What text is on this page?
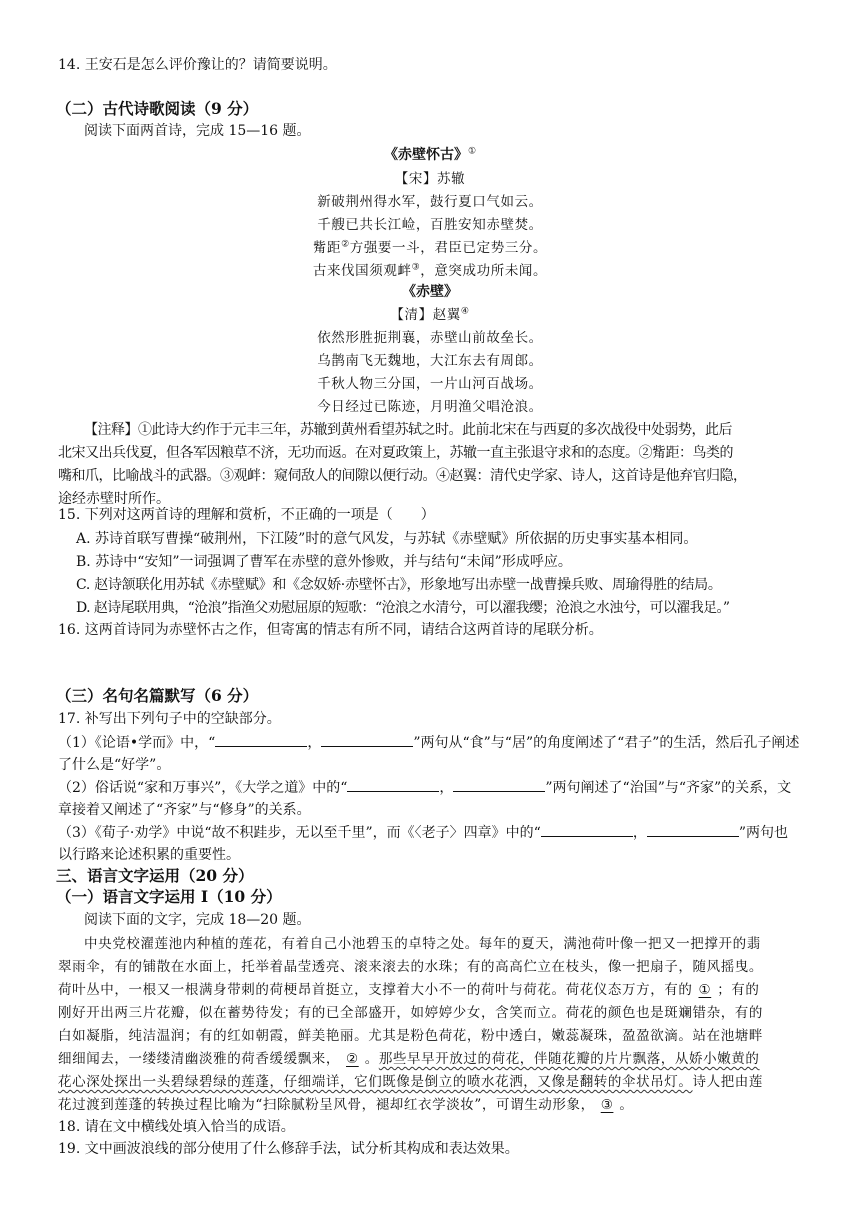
14. 王安石是怎么评价豫让的？请简要说明。
（二）古代诗歌阅读（9 分）
阅读下面两首诗，完成 15—16 题。
《赤壁怀古》①
【宋】苏辙
新破荆州得水军，鼓行夏口气如云。
千艘已共长江崄，百胜安知赤壁焚。
觜距②方强要一斗，君臣已定势三分。
古来伐国须观衅③，意突成功所未闻。
《赤壁》
【清】赵翼④
依然形胜扼荆襄，赤壁山前故垒长。
乌鹊南飞无魏地，大江东去有周郎。
千秋人物三分国，一片山河百战场。
今日经过已陈迹，月明渔父唱沧浪。
【注释】①此诗大约作于元丰三年，苏辙到黄州看望苏轼之时。此前北宋在与西夏的多次战役中处弱势，此后
北宋又出兵伐夏，但各军因粮草不济，无功而返。在对夏政策上，苏辙一直主张退守求和的态度。②觜距：鸟类的
嘴和爪，比喻战斗的武器。③观衅：窥伺敌人的间隙以便行动。④赵翼：清代史学家、诗人，这首诗是他弃官归隐，
途经赤壁时所作。
15. 下列对这两首诗的理解和赏析，不正确的一项是（　　）
A. 苏诗首联写曹操“破荆州，下江陵”时的意气风发，与苏轼《赤壁赋》所依据的历史事实基本相同。
B. 苏诗中“安知”一词强调了曹军在赤壁的意外惨败，并与结句“未闻”形成呼应。
C. 赵诗颔联化用苏轼《赤壁赋》和《念奴娇·赤壁怀古》，形象地写出赤壁一战曹操兵败、周瑜得胜的结局。
D. 赵诗尾联用典，“沧浪”指渔父劝慰屈原的短歌：“沧浪之水清兮，可以濯我缨；沧浪之水浊兮，可以濯我足。”
16. 这两首诗同为赤壁怀古之作，但寄寓的情志有所不同，请结合这两首诗的尾联分析。
（三）名句名篇默写（6 分）
17. 补写出下列句子中的空缺部分。
（1）《论语•学而》中，“	，	”两句从“食”与“居”的角度阐述了“君子”的生活，然后孔子阐述
了什么是“好学”。
（2）俗话说“家和万事兴”，《大学之道》中的“	，	”两句阐述了“治国”与“齐家”的关系，文
章接着又阐述了“齐家”与“修身”的关系。
（3）《荀子·劝学》中说“故不积跬步，无以至千里”，而《〈老子〉四章》中的“	，	”两句也
以行路来论述积累的重要性。
三、语言文字运用（20 分）
（一）语言文字运用 I（10 分）
阅读下面的文字，完成 18—20 题。
中央党校濯莲池内种植的莲花，有着自己小池碧玉的卓特之处。每年的夏天，满池荷叶像一把又一把撑开的翡
翠雨伞，有的铺散在水面上，托举着晶莹透亮、滚来滚去的水珠；有的高高伫立在枝头，像一把扇子，随风摇曳。
荷叶丛中，一根又一根满身带刺的荷梗昂首挺立，支撑着大小不一的荷叶与荷花。荷花仪态万方，有的 ① ；有的
刚好开出两三片花瓣，似在蓄势待发；有的已全部盛开，如婷婷少女，含笑而立。荷花的颜色也是斑斓错杂，有的
白如凝脂，纯洁温润；有的红如朝霞，鲜美艳丽。尤其是粉色荷花，粉中透白，嫩蕊凝珠，盈盈欲滴。站在池塘畔
细细闻去，一缕缕清幽淡雅的荷香缓缓飘来， ② 。那些早早开放过的荷花，伴随花瓣的片片飘落，从娇小嫩黄的
花心深处探出一头碧绿碧绿的莲蓬，仔细端详，它们既像是倒立的喷水花洒，又像是翻转的伞状吊灯。诗人把由莲
花过渡到莲蓬的转换过程比喻为“扫除腻粉呈风骨，褪却红衣学淡妆”，可谓生动形象， ③ 。
18. 请在文中横线处填入恰当的成语。
19. 文中画波浪线的部分使用了什么修辞手法，试分析其构成和表达效果。
